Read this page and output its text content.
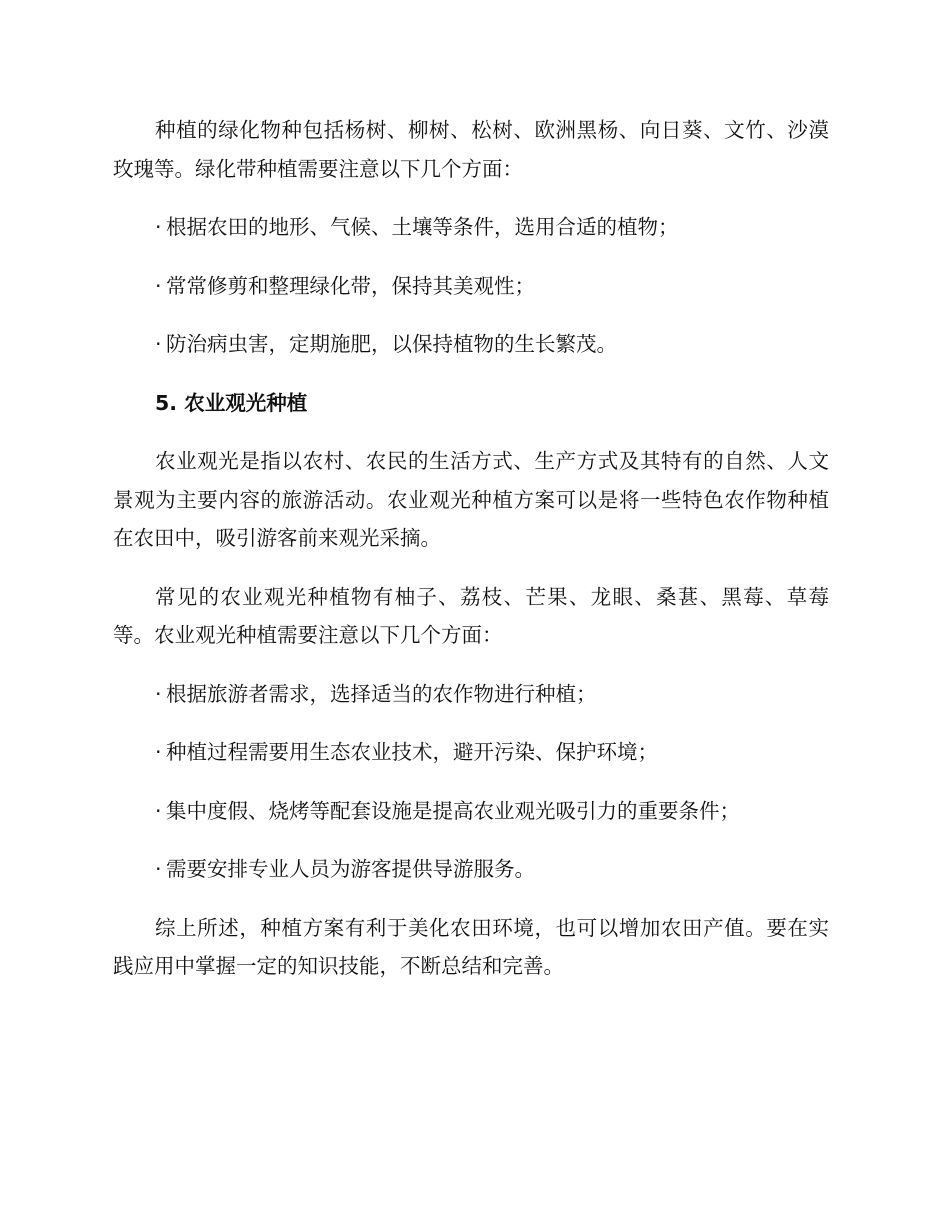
种植的绿化物种包括杨树、柳树、松树、欧洲黑杨、向日葵、文竹、沙漠玫瑰等。绿化带种植需要注意以下几个方面：

· 根据农田的地形、气候、土壤等条件，选用合适的植物；
· 常常修剪和整理绿化带，保持其美观性；
· 防治病虫害，定期施肥，以保持植物的生长繁茂。
5. 农业观光种植

农业观光是指以农村、农民的生活方式、生产方式及其特有的自然、人文景观为主要内容的旅游活动。农业观光种植方案可以是将一些特色农作物种植在农田中，吸引游客前来观光采摘。

常见的农业观光种植物有柚子、荔枝、芒果、龙眼、桑葚、黑莓、草莓等。农业观光种植需要注意以下几个方面：

· 根据旅游者需求，选择适当的农作物进行种植；
· 种植过程需要用生态农业技术，避开污染、保护环境；
· 集中度假、烧烤等配套设施是提高农业观光吸引力的重要条件；
· 需要安排专业人员为游客提供导游服务。

综上所述，种植方案有利于美化农田环境，也可以增加农田产值。要在实践应用中掌握一定的知识技能，不断总结和完善。
